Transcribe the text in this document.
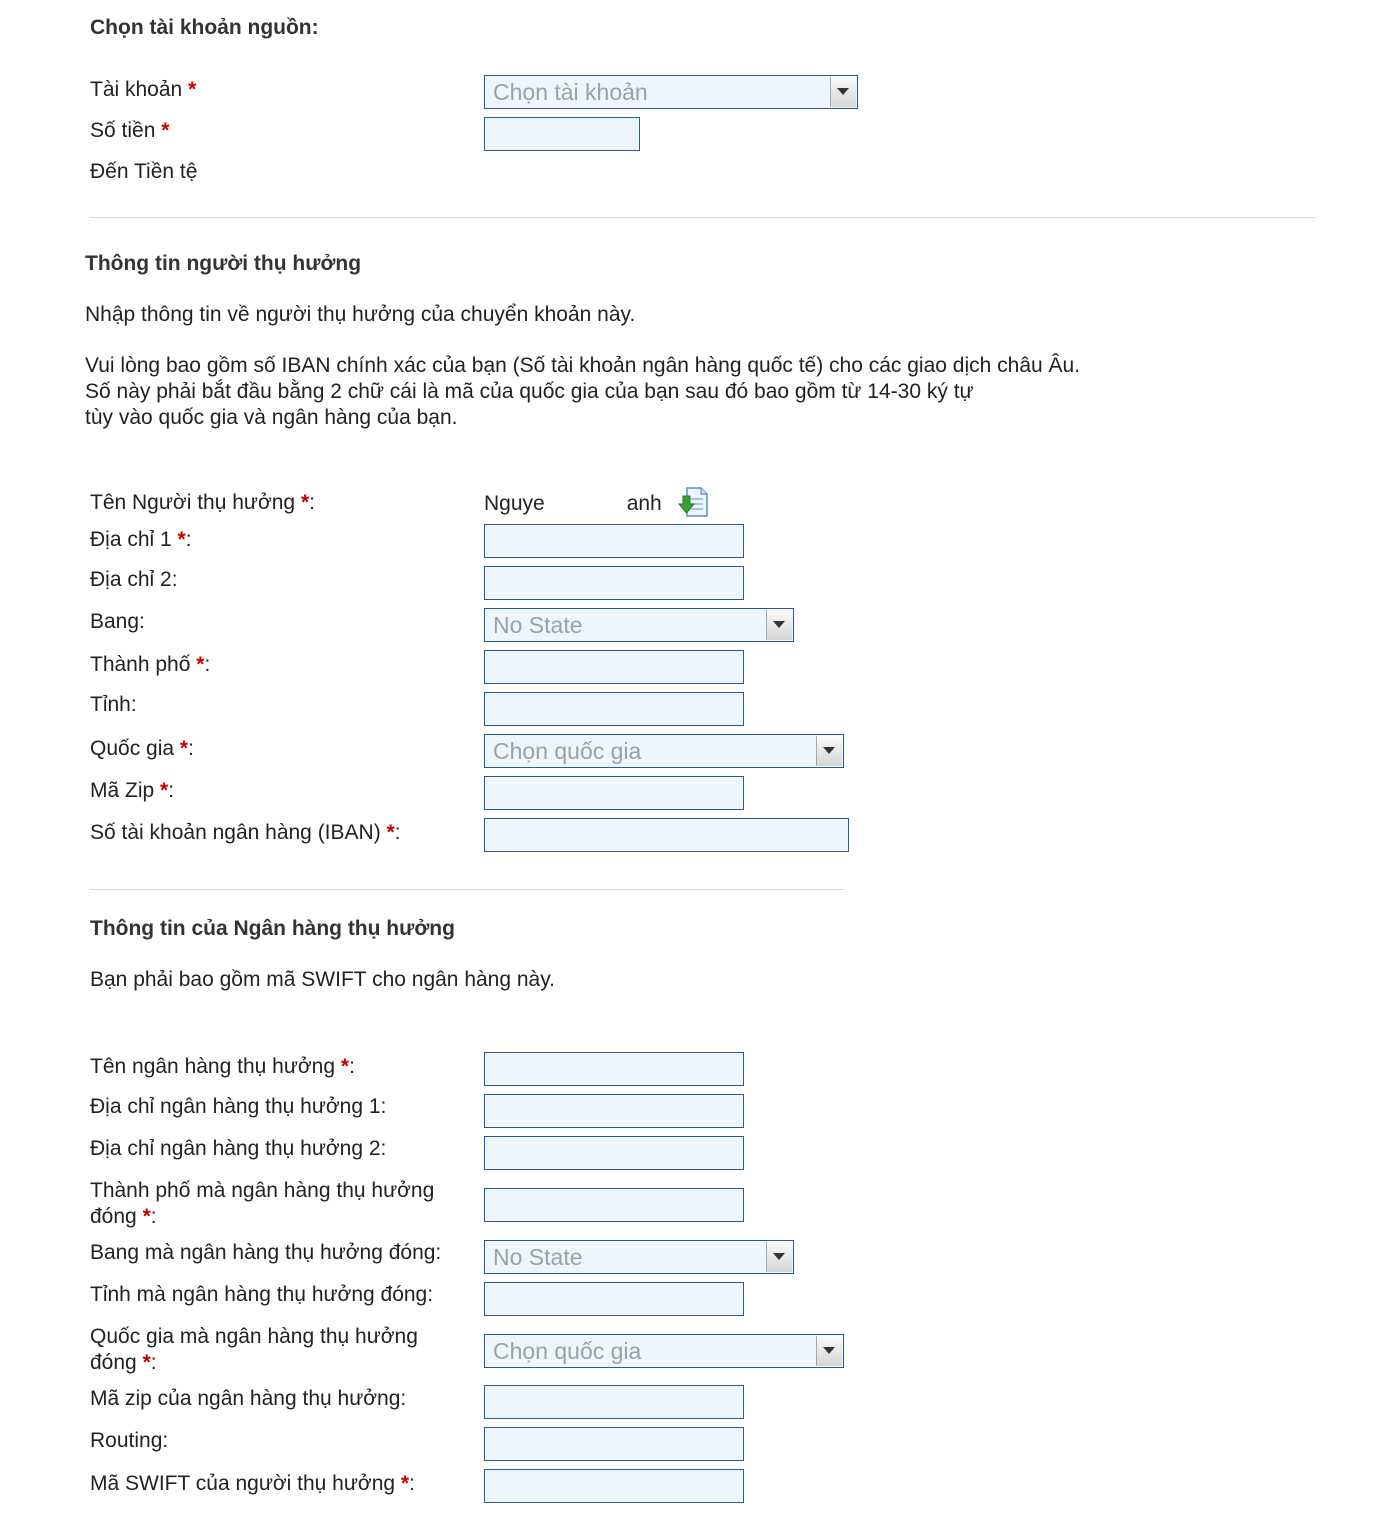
Chọn tài khoản nguồn:
Tài khoản *	Chọn tài khoản
Số tiền *
Đến Tiền tệ
Thông tin người thụ hưởng
Nhập thông tin về người thụ hưởng của chuyển khoản này.
Vui lòng bao gồm số IBAN chính xác của bạn (Số tài khoản ngân hàng quốc tế) cho các giao dịch châu Âu.
Số này phải bắt đầu bằng 2 chữ cái là mã của quốc gia của bạn sau đó bao gồm từ 14-30 ký tự
tùy vào quốc gia và ngân hàng của bạn.
Tên Người thụ hưởng *:	Nguye	anh
Địa chỉ 1 *:
Địa chỉ 2:
Bang:	No State
Thành phố *:
Tỉnh:
Quốc gia *:	Chọn quốc gia
Mã Zip *:
Số tài khoản ngân hàng (IBAN) *:
Thông tin của Ngân hàng thụ hưởng
Bạn phải bao gồm mã SWIFT cho ngân hàng này.
Tên ngân hàng thụ hưởng *:
Địa chỉ ngân hàng thụ hưởng 1:
Địa chỉ ngân hàng thụ hưởng 2:
Thành phố mà ngân hàng thụ hưởng
đóng *:
Bang mà ngân hàng thụ hưởng đóng: No State
Tỉnh mà ngân hàng thụ hưởng đóng:
Quốc gia mà ngân hàng thụ hưởng
đóng *:	Chọn quốc gia
Mã zip của ngân hàng thụ hưởng:
Routing:
Mã SWIFT của người thụ hưởng *:
